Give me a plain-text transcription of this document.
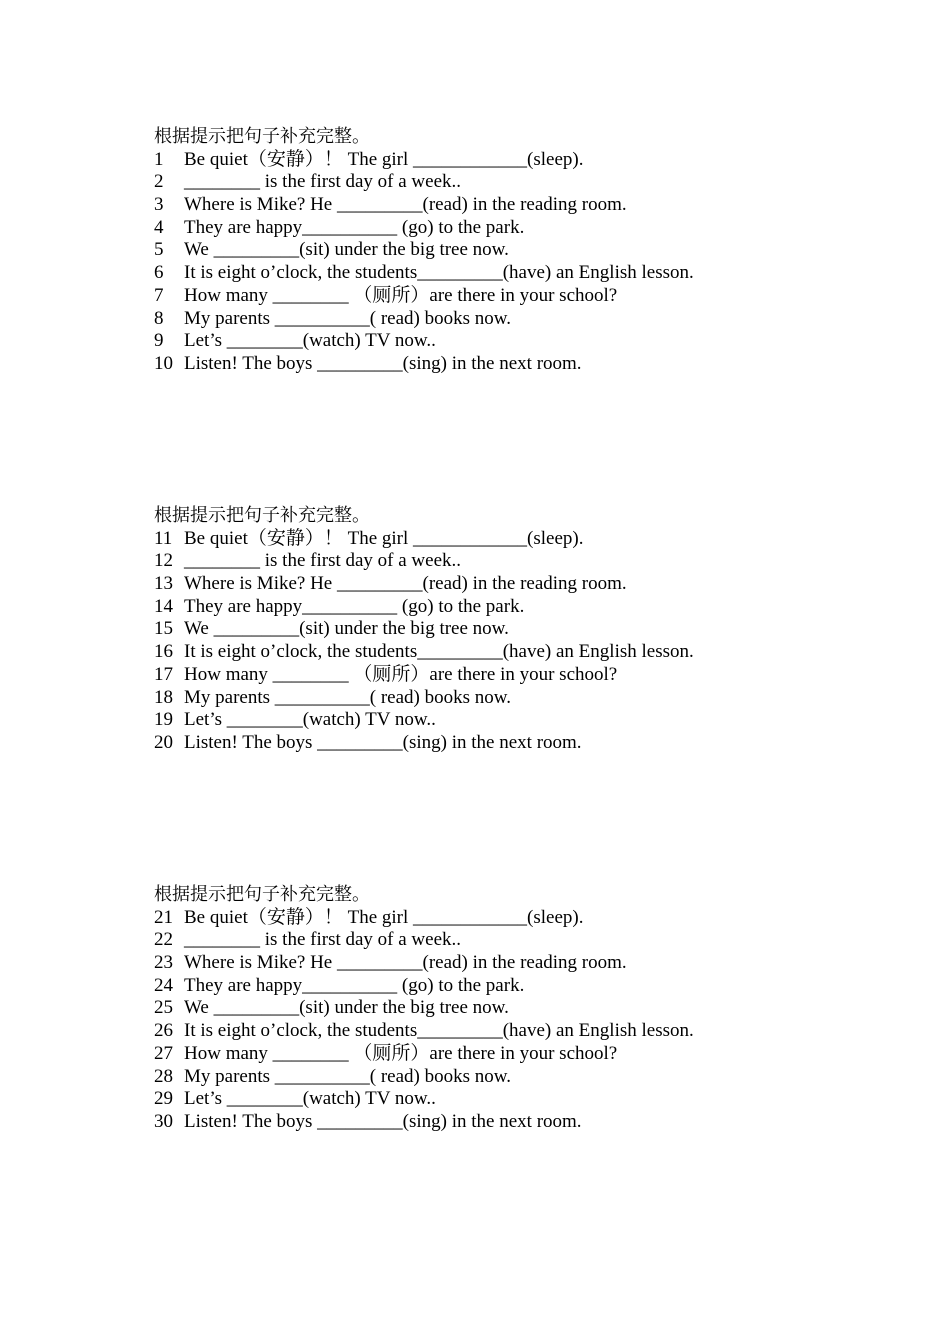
根据提示把句子补充完整。
1	Be quiet（安静）！ The girl ____________(sleep).
2	________ is the first day of a week..
3	Where is Mike? He _________(read) in the reading room.
4	They are happy__________ (go) to the park.
5	We _________(sit) under the big tree now.
6	It is eight o’clock, the students_________(have) an English lesson.
7	How many ________ （厕所）are there in your school?
8	My parents __________( read) books now.
9	Let’s ________(watch) TV now..
10 Listen! The boys _________(sing) in the next room.
根据提示把句子补充完整。
11 Be quiet（安静）！ The girl ____________(sleep).
12 ________ is the first day of a week..
13 Where is Mike? He _________(read) in the reading room.
14 They are happy__________ (go) to the park.
15 We _________(sit) under the big tree now.
16 It is eight o’clock, the students_________(have) an English lesson.
17 How many ________ （厕所）are there in your school?
18 My parents __________( read) books now.
19 Let’s ________(watch) TV now..
20 Listen! The boys _________(sing) in the next room.
根据提示把句子补充完整。
21 Be quiet（安静）！ The girl ____________(sleep).
22 ________ is the first day of a week..
23 Where is Mike? He _________(read) in the reading room.
24 They are happy__________ (go) to the park.
25 We _________(sit) under the big tree now.
26 It is eight o’clock, the students_________(have) an English lesson.
27 How many ________ （厕所）are there in your school?
28 My parents __________( read) books now.
29 Let’s ________(watch) TV now..
30 Listen! The boys _________(sing) in the next room.
